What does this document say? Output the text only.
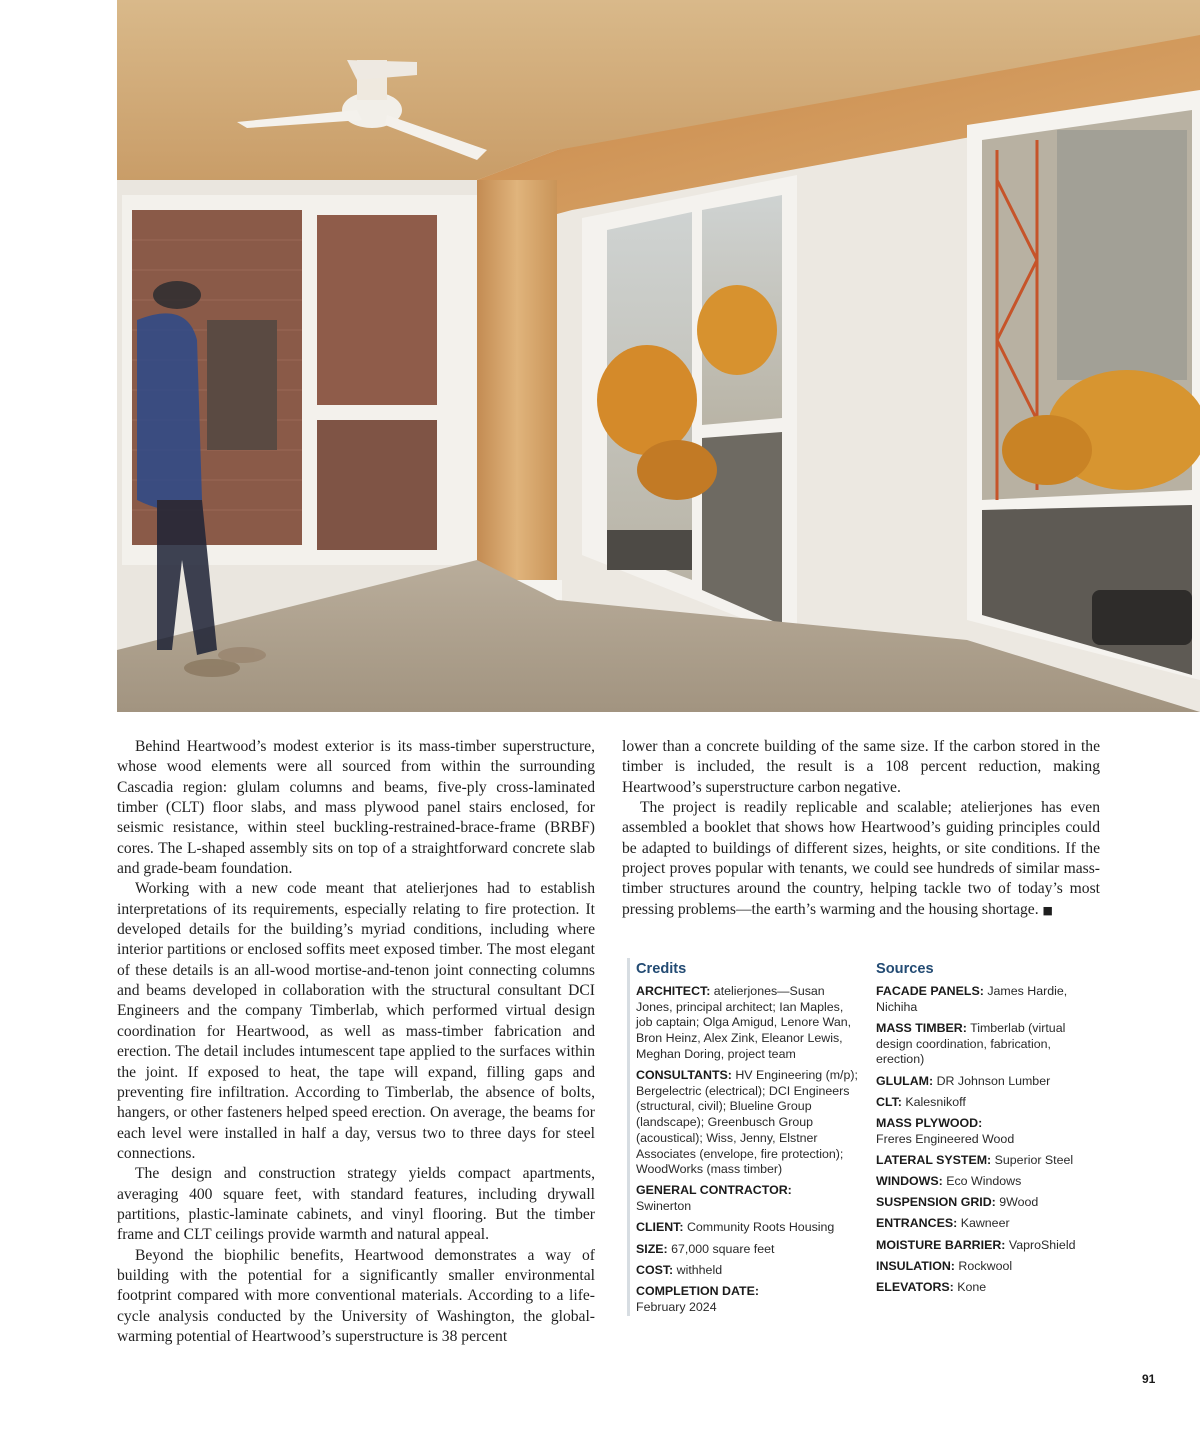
Behind Heartwood’s modest exterior is its mass-timber superstructure, whose wood elements were all sourced from within the surrounding Cascadia region: glulam columns and beams, five-ply cross-laminated timber (CLT) floor slabs, and mass plywood panel stairs enclosed, for seismic resistance, within steel buckling-restrained-brace-frame (BRBF) cores. The L-shaped assembly sits on top of a straightforward concrete slab and grade-beam foundation.

Working with a new code meant that atelierjones had to establish interpretations of its requirements, especially relating to fire protection. It developed details for the building’s myriad conditions, including where interior partitions or enclosed soffits meet exposed timber. The most elegant of these details is an all-wood mortise-and-tenon joint connecting columns and beams developed in collaboration with the structural consultant DCI Engineers and the company Timberlab, which performed virtual design coordination for Heartwood, as well as mass-timber fabrication and erection. The detail includes intumescent tape applied to the surfaces within the joint. If exposed to heat, the tape will expand, filling gaps and preventing fire infiltration. According to Timberlab, the absence of bolts, hangers, or other fasteners helped speed erection. On average, the beams for each level were installed in half a day, versus two to three days for steel connections.

The design and construction strategy yields compact apartments, averaging 400 square feet, with standard features, including drywall partitions, plastic-laminate cabinets, and vinyl flooring. But the timber frame and CLT ceilings provide warmth and natural appeal.

Beyond the biophilic benefits, Heartwood demonstrates a way of building with the potential for a significantly smaller environmental footprint compared with more conventional materials. According to a life-cycle analysis conducted by the University of Washington, the global-warming potential of Heartwood’s superstructure is 38 percent

lower than a concrete building of the same size. If the carbon stored in the timber is included, the result is a 108 percent reduction, making Heartwood’s superstructure carbon negative.

The project is readily replicable and scalable; atelierjones has even assembled a booklet that shows how Heartwood’s guiding principles could be adapted to buildings of different sizes, heights, or site conditions. If the project proves popular with tenants, we could see hundreds of similar mass-timber structures around the country, helping tackle two of today’s most pressing problems—the earth’s warming and the housing shortage. ■

Credits
ARCHITECT: atelierjones—Susan Jones, principal architect; Ian Maples, job captain; Olga Amigud, Lenore Wan, Bron Heinz, Alex Zink, Eleanor Lewis, Meghan Doring, project team
CONSULTANTS: HV Engineering (m/p); Bergelectric (electrical); DCI Engineers (structural, civil); Blueline Group (landscape); Greenbusch Group (acoustical); Wiss, Jenny, Elstner Associates (envelope, fire protection); WoodWorks (mass timber)
GENERAL CONTRACTOR:
Swinerton
CLIENT: Community Roots Housing
SIZE: 67,000 square feet
COST: withheld
COMPLETION DATE:
February 2024
Sources
FACADE PANELS: James Hardie, Nichiha
MASS TIMBER: Timberlab (virtual design coordination, fabrication, erection)
GLULAM: DR Johnson Lumber
CLT: Kalesnikoff
MASS PLYWOOD:
Freres Engineered Wood
LATERAL SYSTEM: Superior Steel
WINDOWS: Eco Windows
SUSPENSION GRID: 9Wood
ENTRANCES: Kawneer
MOISTURE BARRIER: VaproShield
INSULATION: Rockwool
ELEVATORS: Kone
91
